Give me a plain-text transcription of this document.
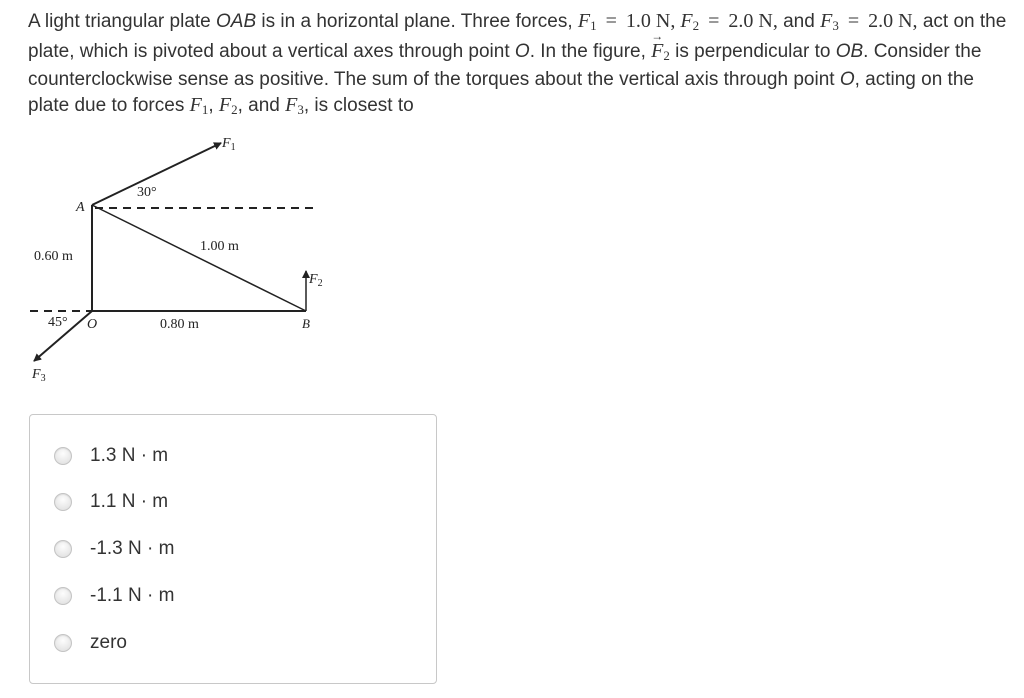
A light triangular plate OAB is in a horizontal plane. Three forces, $F_1 = 1.0$ N, $F_2 = 2.0$ N, and $F_3 = 2.0$ N, act on the plate, which is pivoted about a vertical axes through point O. In the figure, → $F_2$ is perpendicular to OB. Consider the counterclockwise sense as positive. The sum of the torques about the vertical axis through point O, acting on the plate due to forces $F_1$, $F_2$, and $F_3$, is closest to

$F_1$
$F_2$
$F_3$
A
O	B
30°
45°
0.60 m
1.00 m
0.80 m
1.3 N · m
1.1 N · m
-1.3 N · m
-1.1 N · m
zero
